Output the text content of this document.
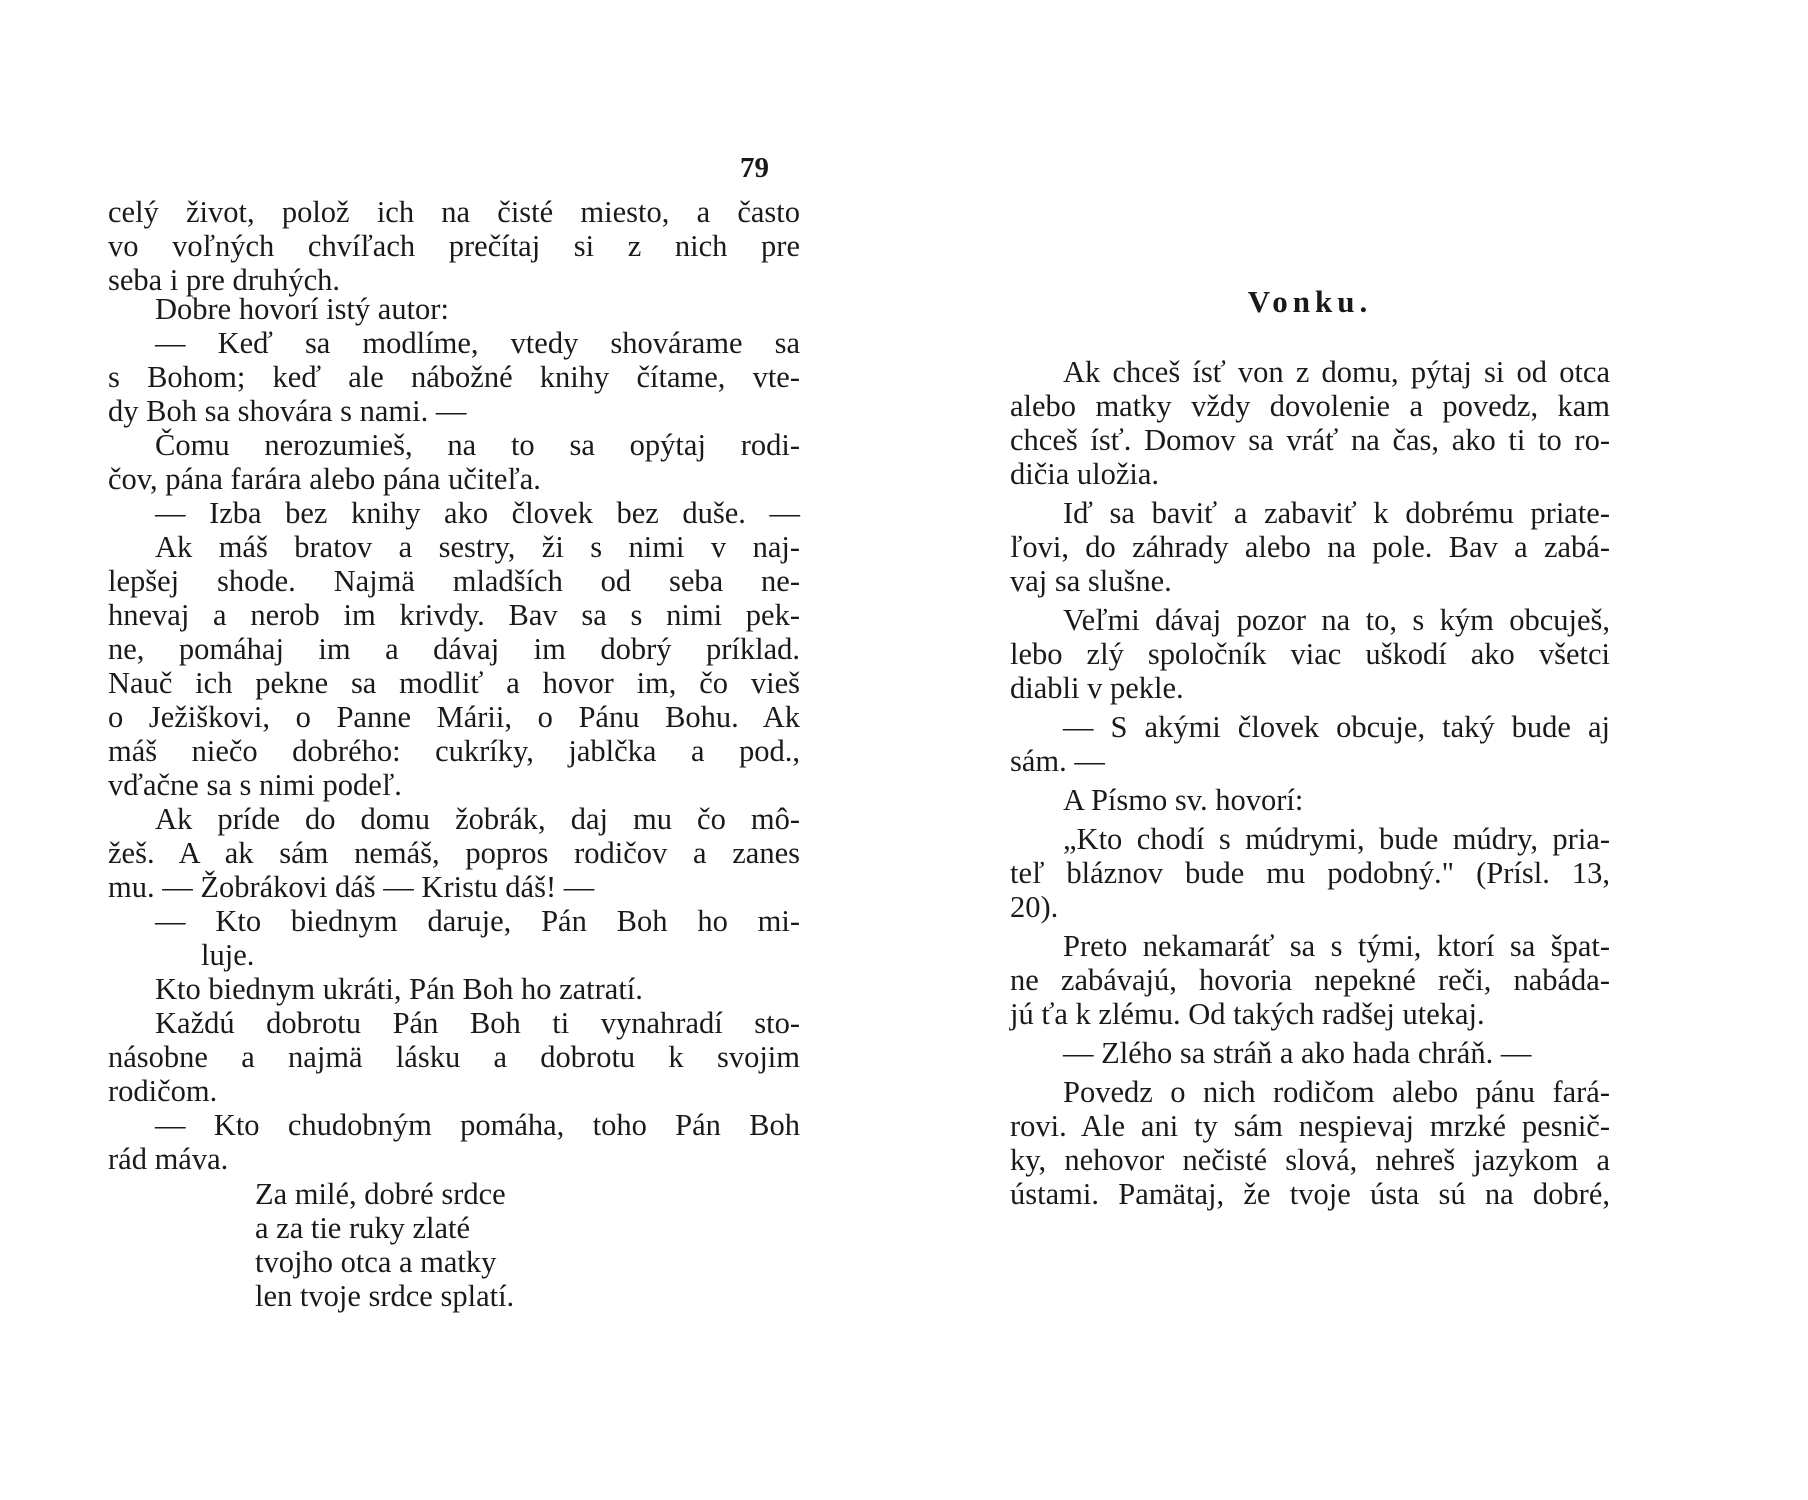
79
celý život, polož ich na čisté miesto, a často
vo voľných chvíľach prečítaj si z nich pre
seba i pre druhých.
Dobre hovorí istý autor:
— Keď sa modlíme, vtedy shovárame sa
s Bohom; keď ale nábožné knihy čítame, vte-
dy Boh sa shovára s nami. —
Čomu nerozumieš, na to sa opýtaj rodi-
čov, pána farára alebo pána učiteľa.
— Izba bez knihy ako človek bez duše. —
Ak máš bratov a sestry, ži s nimi v naj-
lepšej shode. Najmä mladších od seba ne-
hnevaj a nerob im krivdy. Bav sa s nimi pek-
ne, pomáhaj im a dávaj im dobrý príklad.
Nauč ich pekne sa modliť a hovor im, čo vieš
o Ježiškovi, o Panne Márii, o Pánu Bohu. Ak
máš niečo dobrého: cukríky, jablčka a pod.,
vďačne sa s nimi podeľ.
Ak príde do domu žobrák, daj mu čo mô-
žeš. A ak sám nemáš, popros rodičov a zanes
mu. — Žobrákovi dáš — Kristu dáš! —
— Kto biednym daruje, Pán Boh ho mi-
luje.
Kto biednym ukráti, Pán Boh ho zatratí.
Každú dobrotu Pán Boh ti vynahradí sto-
násobne a najmä lásku a dobrotu k svojim
rodičom.
— Kto chudobným pomáha, toho Pán Boh
rád máva.
Za milé, dobré srdce
a za tie ruky zlaté
tvojho otca a matky
len tvoje srdce splatí.
Vonku.
Ak chceš ísť von z domu, pýtaj si od otca
alebo matky vždy dovolenie a povedz, kam
chceš ísť. Domov sa vráť na čas, ako ti to ro-
dičia uložia.
Iď sa baviť a zabaviť k dobrému priate-
ľovi, do záhrady alebo na pole. Bav a zabá-
vaj sa slušne.
Veľmi dávaj pozor na to, s kým obcuješ,
lebo zlý spoločník viac uškodí ako všetci
diabli v pekle.
— S akými človek obcuje, taký bude aj
sám. —
A Písmo sv. hovorí:
„Kto chodí s múdrymi, bude múdry, pria-
teľ bláznov bude mu podobný." (Prísl. 13,
20).
Preto nekamaráť sa s tými, ktorí sa špat-
ne zabávajú, hovoria nepekné reči, nabáda-
jú ťa k zlému. Od takých radšej utekaj.
— Zlého sa stráň a ako hada chráň. —
Povedz o nich rodičom alebo pánu fará-
rovi. Ale ani ty sám nespievaj mrzké pesnič-
ky, nehovor nečisté slová, nehreš jazykom a
ústami. Pamätaj, že tvoje ústa sú na dobré,
